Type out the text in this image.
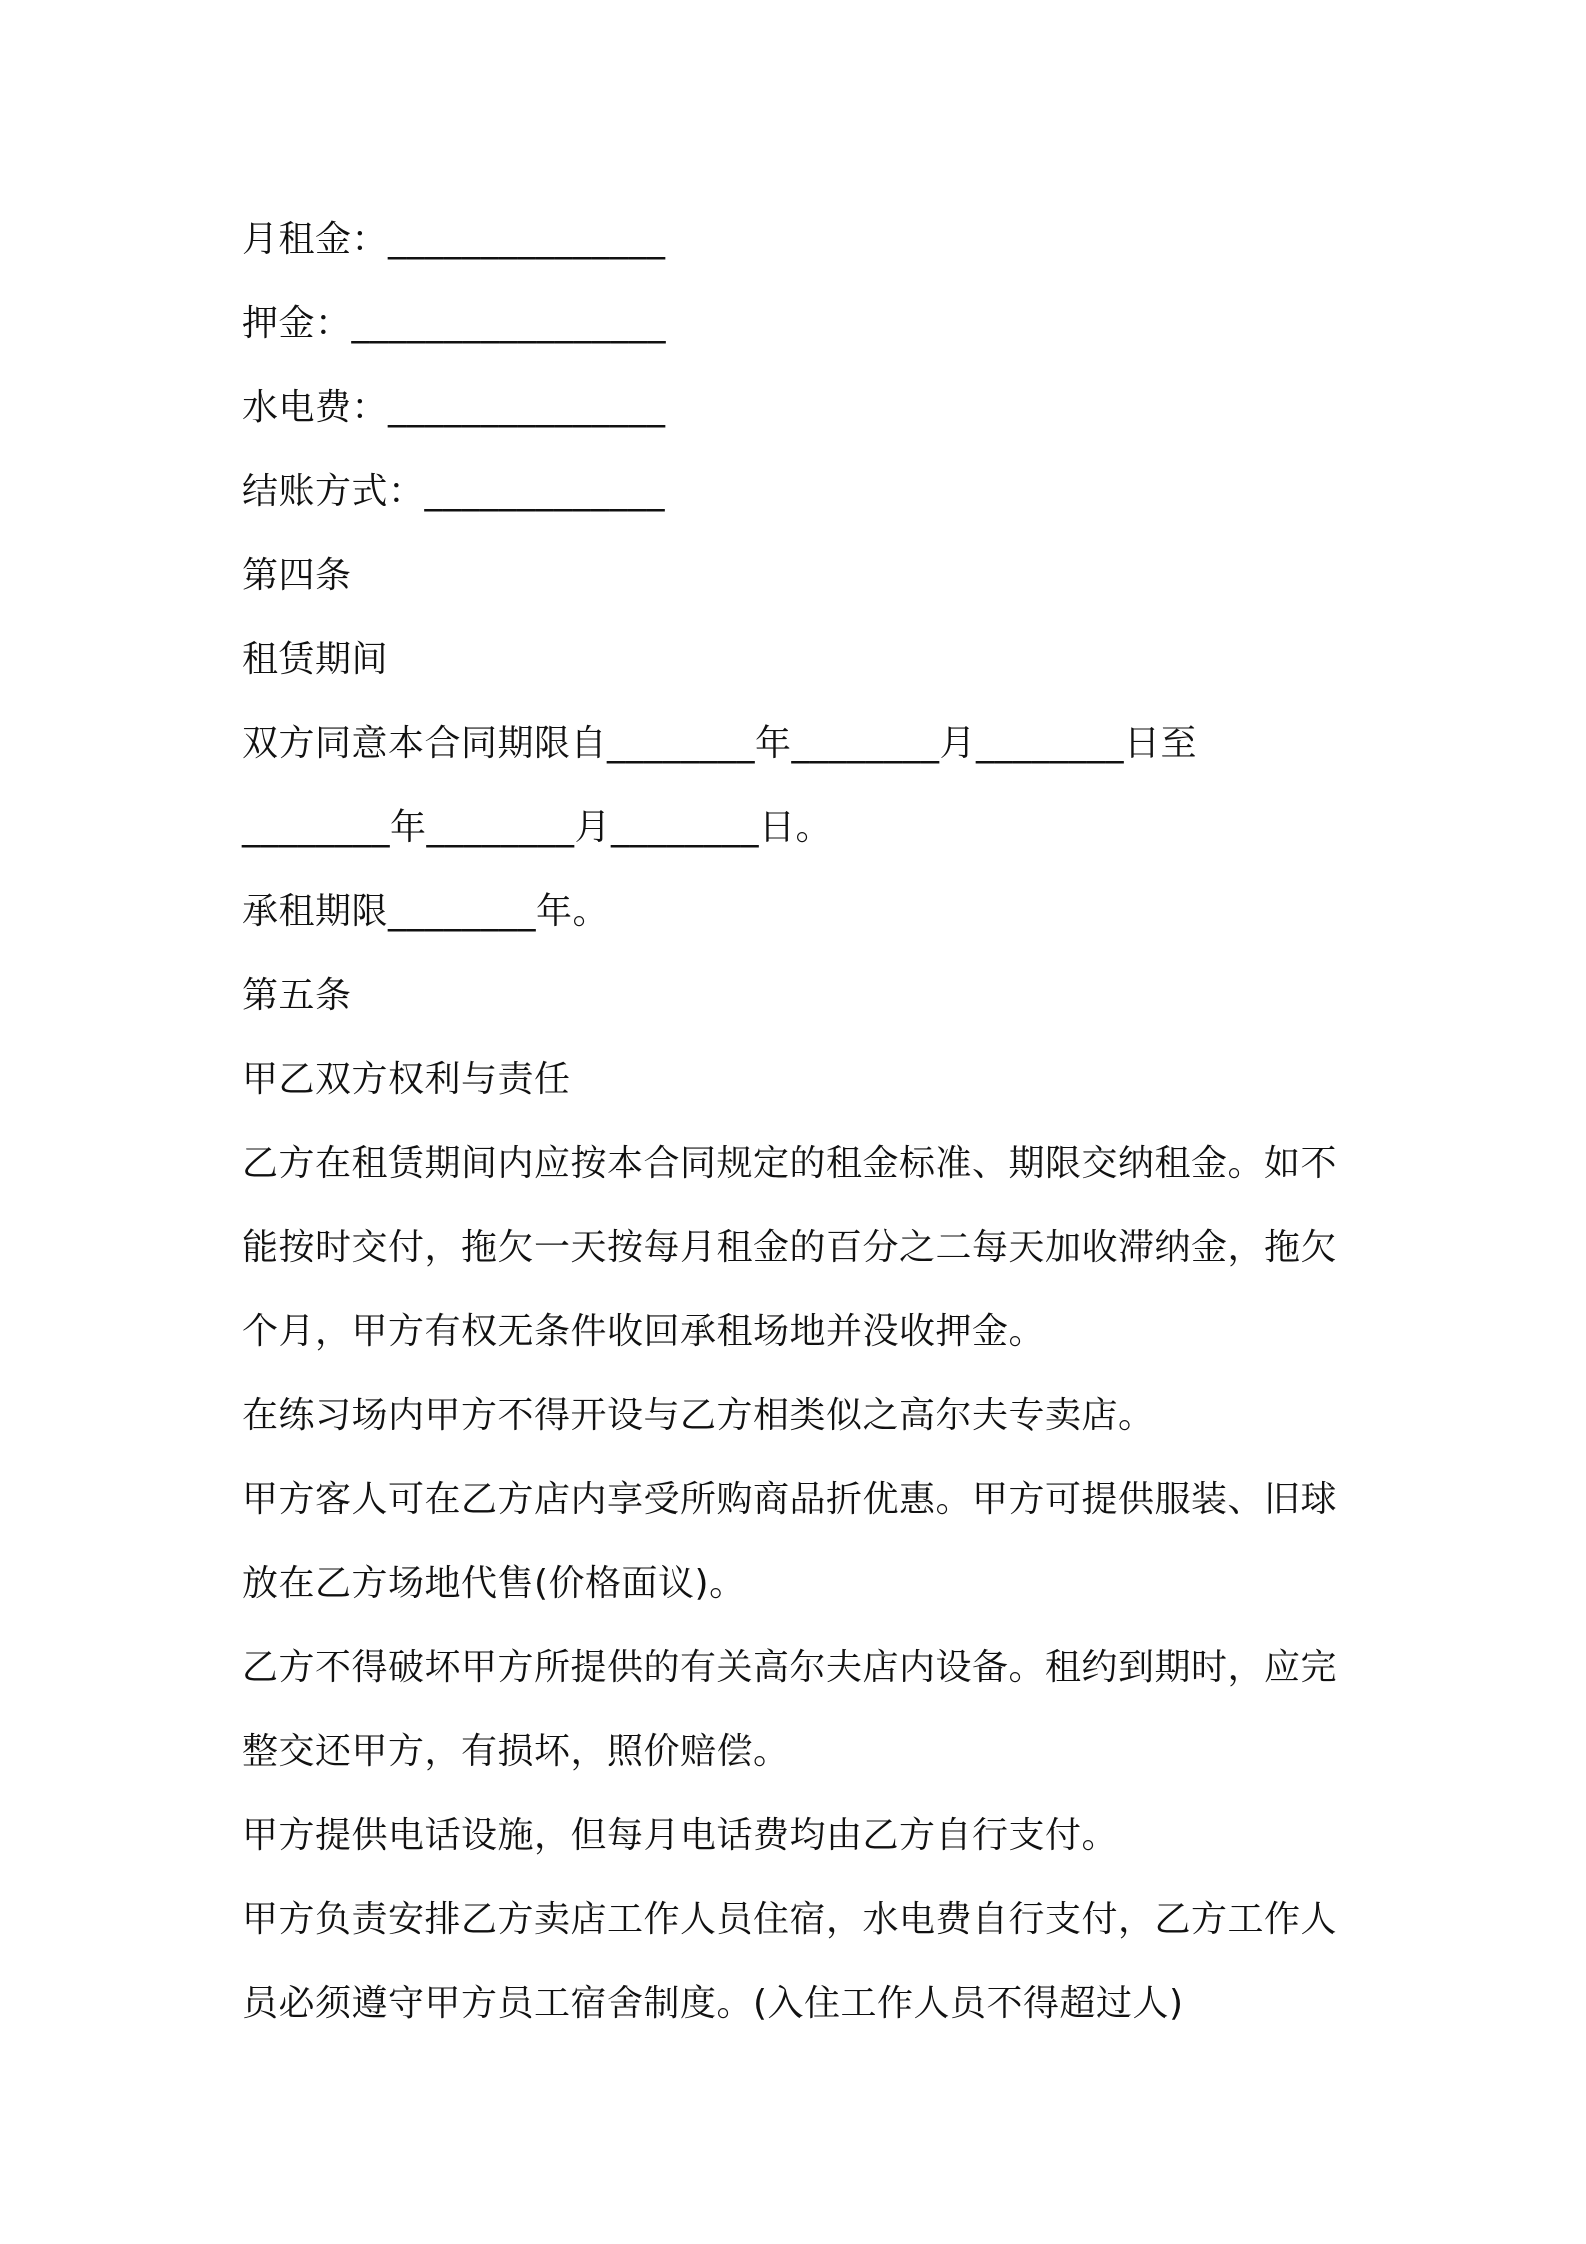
月租金：_______________
押金：_________________
水电费：_______________
结账方式：_____________
第四条
租赁期间
双方同意本合同期限自________年________月________日至
________年________月________日。
承租期限________年。
第五条
甲乙双方权利与责任
乙方在租赁期间内应按本合同规定的租金标准、期限交纳租金。如不
能按时交付，拖欠一天按每月租金的百分之二每天加收滞纳金，拖欠
个月，甲方有权无条件收回承租场地并没收押金。
在练习场内甲方不得开设与乙方相类似之高尔夫专卖店。
甲方客人可在乙方店内享受所购商品折优惠。甲方可提供服装、旧球
放在乙方场地代售(价格面议)。
乙方不得破坏甲方所提供的有关高尔夫店内设备。租约到期时，应完
整交还甲方，有损坏，照价赔偿。
甲方提供电话设施，但每月电话费均由乙方自行支付。
甲方负责安排乙方卖店工作人员住宿，水电费自行支付，乙方工作人
员必须遵守甲方员工宿舍制度。(入住工作人员不得超过人)
